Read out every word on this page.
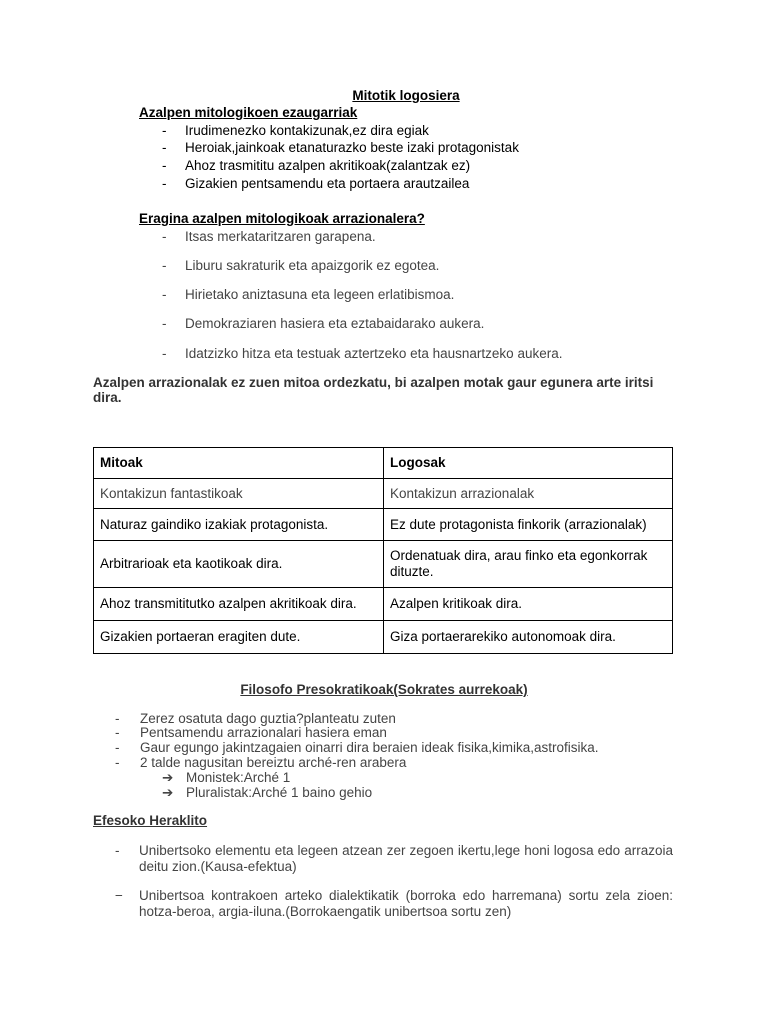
Mitotik logosiera
Azalpen mitologikoen ezaugarriak
- Irudimenezko kontakizunak,ez dira egiak
- Heroiak,jainkoak etanaturazko beste izaki protagonistak
- Ahoz trasmititu azalpen akritikoak(zalantzak ez)
- Gizakien pentsamendu eta portaera arautzailea
Eragina azalpen mitologikoak arrazionalera?
- Itsas merkataritzaren garapena.
- Liburu sakraturik eta apaizgorik ez egotea.
- Hirietako aniztasuna eta legeen erlatibismoa.
- Demokraziaren hasiera eta eztabaidarako aukera.
- Idatzizko hitza eta testuak aztertzeko eta hausnartzeko aukera.
Azalpen arrazionalak ez zuen mitoa ordezkatu, bi azalpen motak gaur egunera arte iritsi dira.
Mitoak	Logosak
Kontakizun fantastikoak	Kontakizun arrazionalak
Naturaz gaindiko izakiak protagonista.	Ez dute protagonista finkorik (arrazionalak)
Arbitrarioak eta kaotikoak dira.	Ordenatuak dira, arau finko eta egonkorrak dituzte.
Ahoz transmititutko azalpen akritikoak dira.	Azalpen kritikoak dira.
Gizakien portaeran eragiten dute.	Giza portaerarekiko autonomoak dira.
Filosofo Presokratikoak(Sokrates aurrekoak)
- Zerez osatuta dago guztia?planteatu zuten
- Pentsamendu arrazionalari hasiera eman
- Gaur egungo jakintzagaien oinarri dira beraien ideak fisika,kimika,astrofisika.
- 2 talde nagusitan bereiztu arché-ren arabera
➔ Monistek:Arché 1
➔ Pluralistak:Arché 1 baino gehio
Efesoko Heraklito
- Unibertsoko elementu eta legeen atzean zer zegoen ikertu,lege honi logosa edo arrazoia deitu zion.(Kausa-efektua)
− Unibertsoa kontrakoen arteko dialektikatik (borroka edo harremana) sortu zela zioen: hotza-beroa, argia-iluna.(Borrokaengatik unibertsoa sortu zen)
